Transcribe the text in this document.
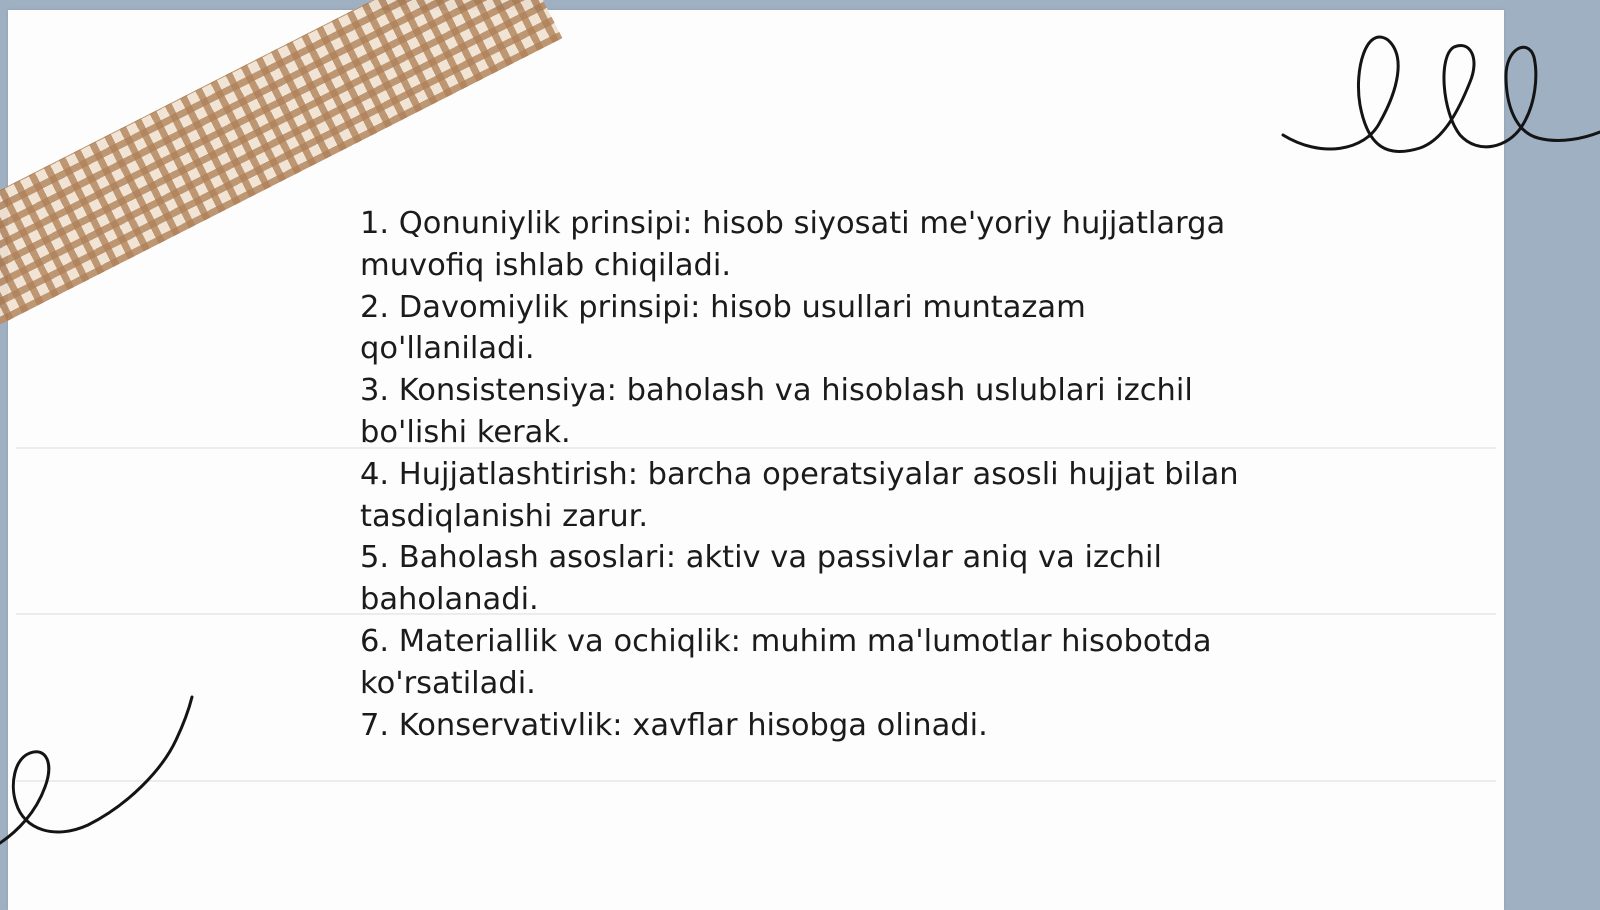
1. Qonuniylik prinsipi: hisob siyosati me'yoriy hujjatlarga muvofiq ishlab chiqiladi.
2. Davomiylik prinsipi: hisob usullari muntazam qo'llaniladi.
3. Konsistensiya: baholash va hisoblash uslublari izchil bo'lishi kerak.
4. Hujjatlashtirish: barcha operatsiyalar asosli hujjat bilan tasdiqlanishi zarur.
5. Baholash asoslari: aktiv va passivlar aniq va izchil baholanadi.
6. Materiallik va ochiqlik: muhim ma'lumotlar hisobotda ko'rsatiladi.
7. Konservativlik: xavflar hisobga olinadi.
